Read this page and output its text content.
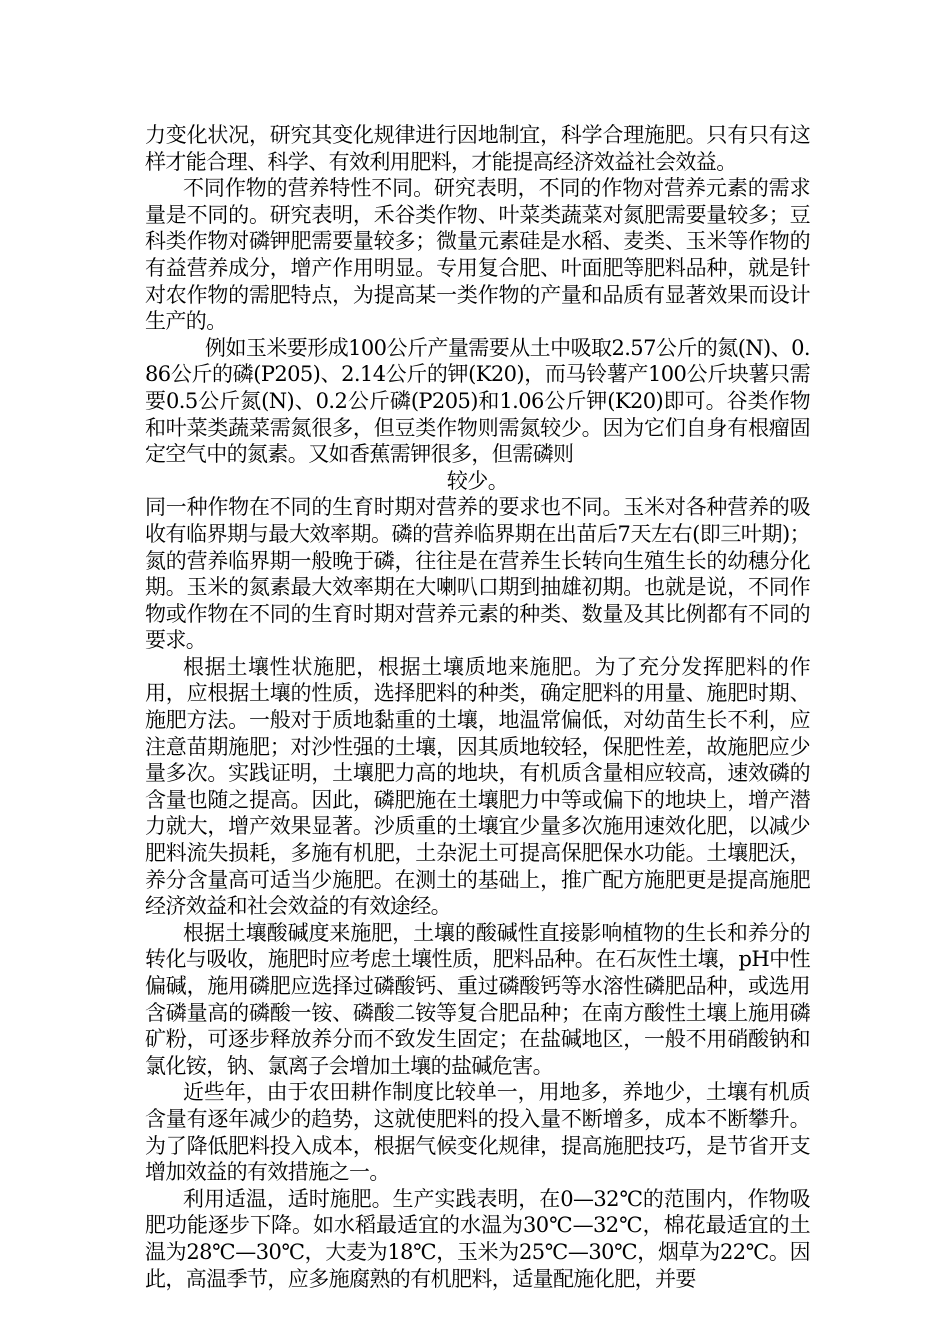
力变化状况，研究其变化规律进行因地制宜，科学合理施肥。只有只有这样才能合理、科学、有效利用肥料，才能提高经济效益社会效益。

不同作物的营养特性不同。研究表明，不同的作物对营养元素的需求量是不同的。研究表明，禾谷类作物、叶菜类蔬菜对氮肥需要量较多；豆科类作物对磷钾肥需要量较多；微量元素硅是水稻、麦类、玉米等作物的有益营养成分，增产作用明显。专用复合肥、叶面肥等肥料品种，就是针对农作物的需肥特点，为提高某一类作物的产量和品质有显著效果而设计生产的。

例如玉米要形成100公斤产量需要从土中吸取2.57公斤的氮(N)、0.86公斤的磷(P205)、2.14公斤的钾(K20)，而马铃薯产100公斤块薯只需要0.5公斤氮(N)、0.2公斤磷(P205)和1.06公斤钾(K20)即可。谷类作物和叶菜类蔬菜需氮很多，但豆类作物则需氮较少。因为它们自身有根瘤固定空气中的氮素。又如香蕉需钾很多，但需磷则

较少。

同一种作物在不同的生育时期对营养的要求也不同。玉米对各种营养的吸收有临界期与最大效率期。磷的营养临界期在出苗后7天左右(即三叶期)；氮的营养临界期一般晚于磷，往往是在营养生长转向生殖生长的幼穗分化期。玉米的氮素最大效率期在大喇叭口期到抽雄初期。也就是说，不同作物或作物在不同的生育时期对营养元素的种类、数量及其比例都有不同的要求。

根据土壤性状施肥，根据土壤质地来施肥。为了充分发挥肥料的作用，应根据土壤的性质，选择肥料的种类，确定肥料的用量、施肥时期、施肥方法。一般对于质地黏重的土壤，地温常偏低，对幼苗生长不利，应注意苗期施肥；对沙性强的土壤，因其质地较轻，保肥性差，故施肥应少量多次。实践证明，土壤肥力高的地块，有机质含量相应较高，速效磷的含量也随之提高。因此，磷肥施在土壤肥力中等或偏下的地块上，增产潜力就大，增产效果显著。沙质重的土壤宜少量多次施用速效化肥，以减少肥料流失损耗，多施有机肥，土杂泥土可提高保肥保水功能。土壤肥沃，养分含量高可适当少施肥。在测土的基础上，推广配方施肥更是提高施肥经济效益和社会效益的有效途经。

根据土壤酸碱度来施肥，土壤的酸碱性直接影响植物的生长和养分的转化与吸收，施肥时应考虑土壤性质，肥料品种。在石灰性土壤，pH中性偏碱，施用磷肥应选择过磷酸钙、重过磷酸钙等水溶性磷肥品种，或选用含磷量高的磷酸一铵、磷酸二铵等复合肥品种；在南方酸性土壤上施用磷矿粉，可逐步释放养分而不致发生固定；在盐碱地区，一般不用硝酸钠和氯化铵，钠、氯离子会增加土壤的盐碱危害。

近些年，由于农田耕作制度比较单一，用地多，养地少，土壤有机质含量有逐年减少的趋势，这就使肥料的投入量不断增多，成本不断攀升。为了降低肥料投入成本，根据气候变化规律，提高施肥技巧，是节省开支增加效益的有效措施之一。

利用适温，适时施肥。生产实践表明，在0—32℃的范围内，作物吸肥功能逐步下降。如水稻最适宜的水温为30℃—32℃，棉花最适宜的土温为28℃—30℃，大麦为18℃，玉米为25℃—30℃，烟草为22℃。因此，高温季节，应多施腐熟的有机肥料，适量配施化肥，并要
